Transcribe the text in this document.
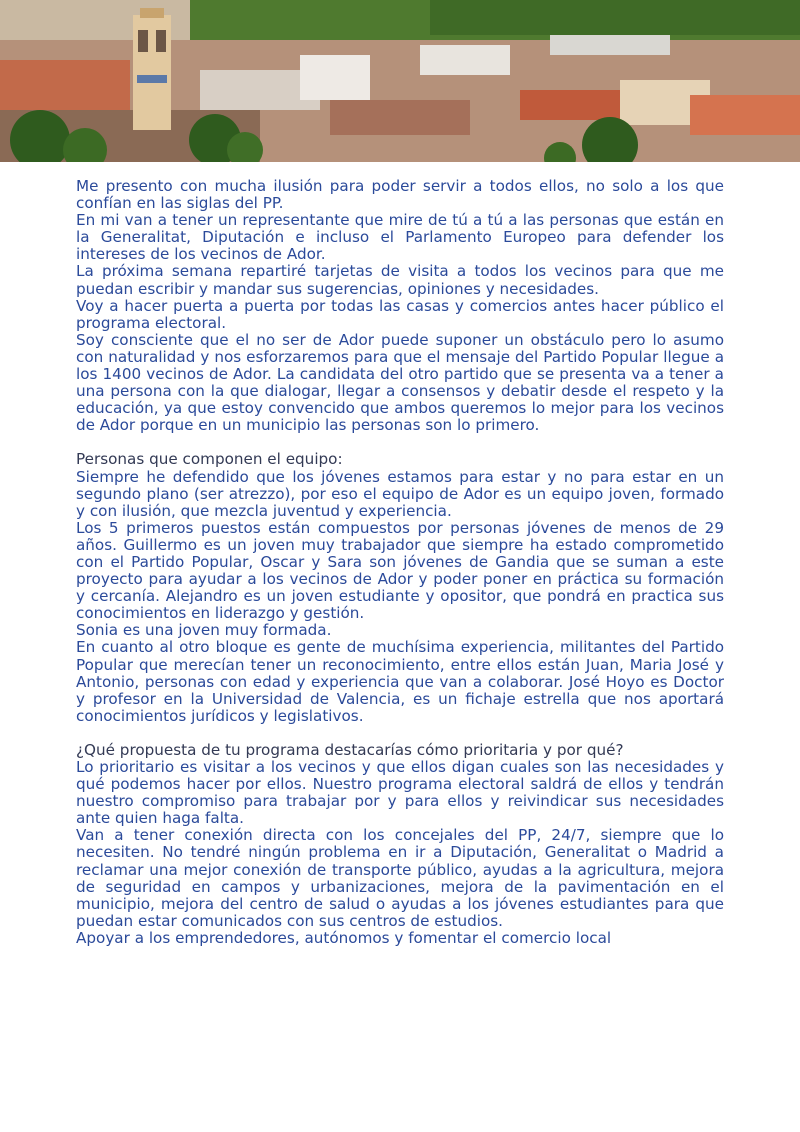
Me presento con mucha ilusión para poder servir a todos ellos, no solo a los que confían en las siglas del PP.

En mi van a tener un representante que mire de tú a tú a las personas que están en la Generalitat, Diputación e incluso el Parlamento Europeo para defender los intereses de los vecinos de Ador.

La próxima semana repartiré tarjetas de visita a todos los vecinos para que me puedan escribir y mandar sus sugerencias, opiniones y necesidades.

Voy a hacer puerta a puerta por todas las casas y comercios antes hacer público el programa electoral.

Soy consciente que el no ser de Ador puede suponer un obstáculo pero lo asumo con naturalidad y nos esforzaremos para que el mensaje del Partido Popular llegue a los 1400 vecinos de Ador. La candidata del otro partido que se presenta va a tener a una persona con la que dialogar, llegar a consensos y debatir desde el respeto y la educación, ya que estoy convencido que ambos queremos lo mejor para los vecinos de Ador porque en un municipio las personas son lo primero.

Personas que componen el equipo:

Siempre he defendido que los jóvenes estamos para estar y no para estar en un segundo plano (ser atrezzo), por eso el equipo de Ador es un equipo joven, formado y con ilusión, que mezcla juventud y experiencia.

Los 5 primeros puestos están compuestos por personas jóvenes de menos de 29 años. Guillermo es un joven muy trabajador que siempre ha estado comprometido con el Partido Popular, Oscar y Sara son jóvenes de Gandia que se suman a este proyecto para ayudar a los vecinos de Ador y poder poner en práctica su formación y cercanía. Alejandro es un joven estudiante y opositor, que pondrá en practica sus conocimientos en liderazgo y gestión.

Sonia es una joven muy formada.

En cuanto al otro bloque es gente de muchísima experiencia, militantes del Partido Popular que merecían tener un reconocimiento, entre ellos están Juan, Maria José y Antonio, personas con edad y experiencia que van a colaborar. José Hoyo es Doctor y profesor en la Universidad de Valencia, es un fichaje estrella que nos aportará conocimientos jurídicos y legislativos.

¿Qué propuesta de tu programa destacarías cómo prioritaria y por qué?

Lo prioritario es visitar a los vecinos y que ellos digan cuales son las necesidades y qué podemos hacer por ellos. Nuestro programa electoral saldrá de ellos y tendrán nuestro compromiso para trabajar por y para ellos y reivindicar sus necesidades ante quien haga falta.

Van a tener conexión directa con los concejales del PP, 24/7, siempre que lo necesiten. No tendré ningún problema en ir a Diputación, Generalitat o Madrid a reclamar una mejor conexión de transporte público, ayudas a la agricultura, mejora de seguridad en campos y urbanizaciones, mejora de la pavimentación en el municipio, mejora del centro de salud o ayudas a los jóvenes estudiantes para que puedan estar comunicados con sus centros de estudios.

Apoyar a los emprendedores, autónomos y fomentar el comercio local
